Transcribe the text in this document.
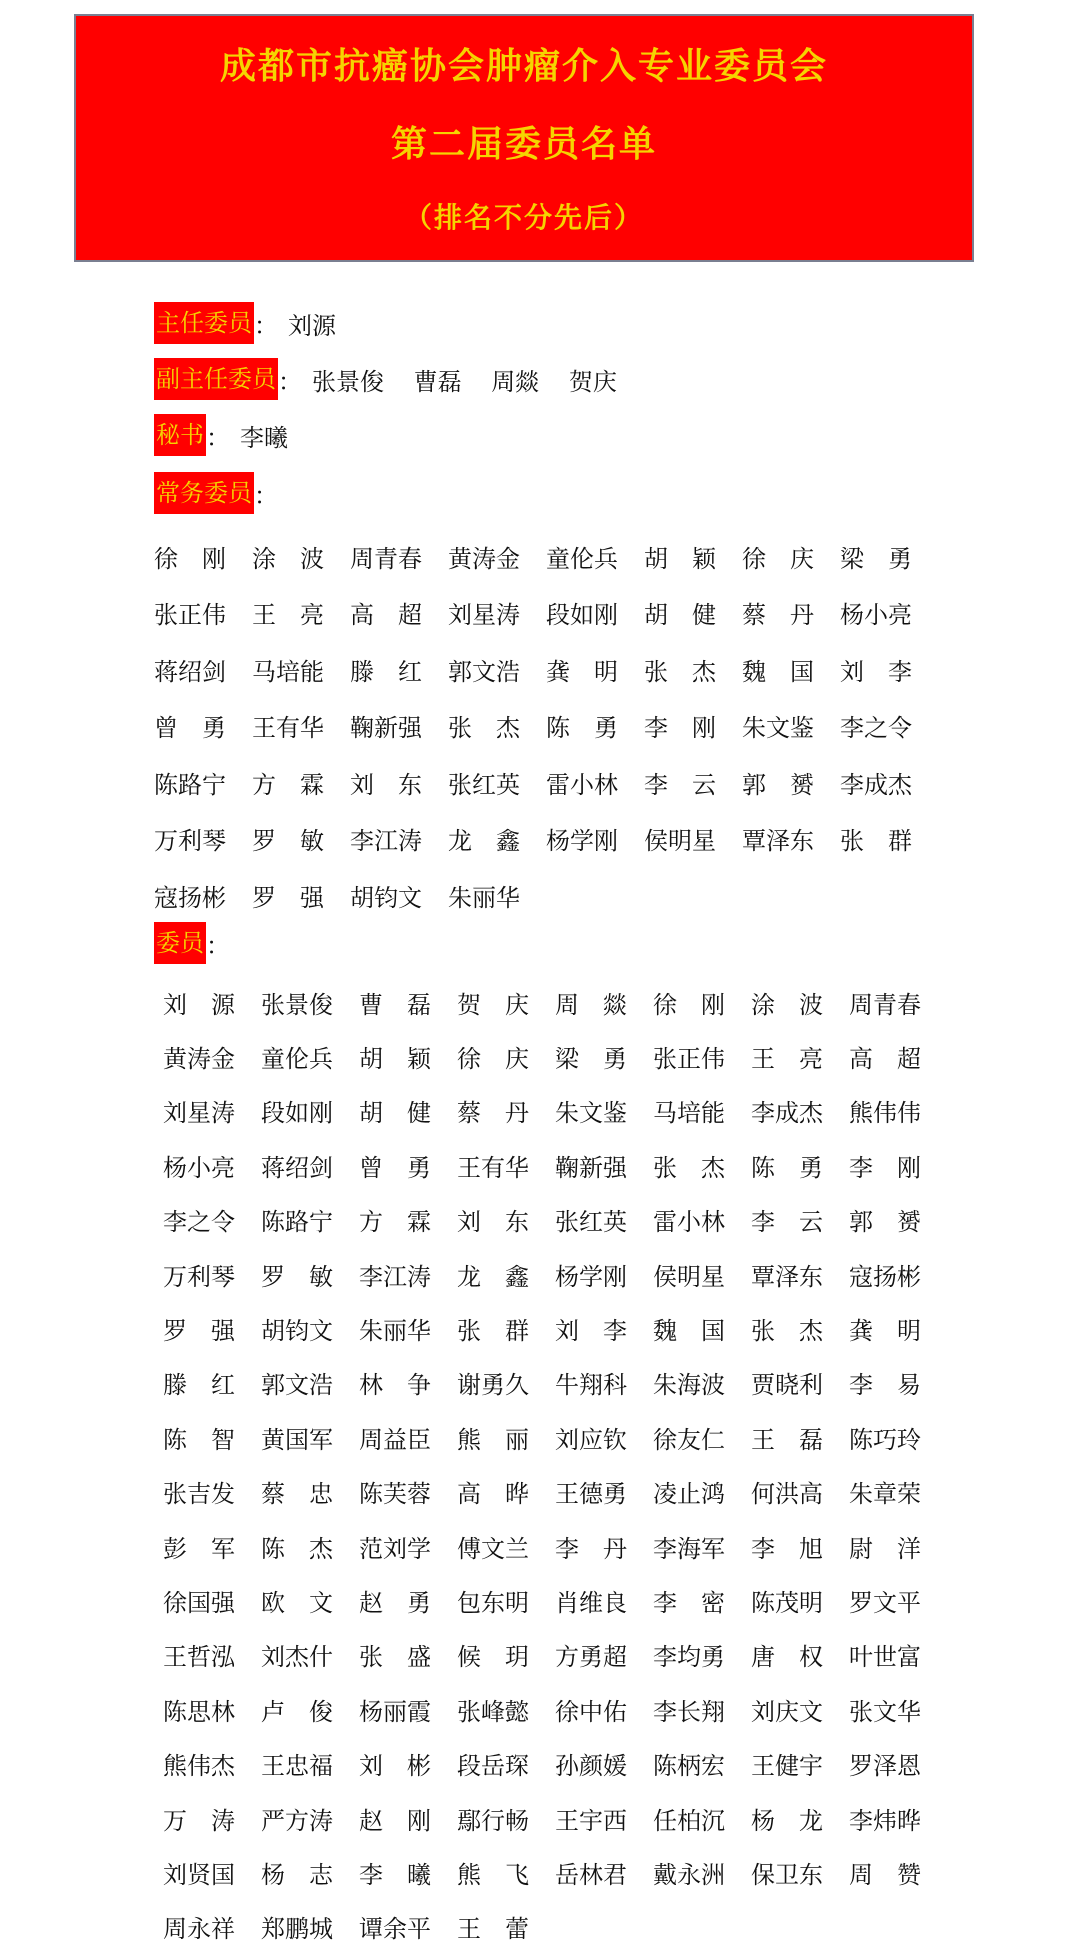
成都市抗癌协会肿瘤介入专业委员会
第二届委员名单
（排名不分先后）
主任委员 ： 刘源
副主任委员 ： 张景俊 曹磊 周燚 贺庆
秘书 ： 李曦
常务委员 ：
徐 刚 涂 波 周青春 黄涛金 童伦兵 胡 颖 徐 庆 梁 勇
张正伟 王 亮 高 超 刘星涛 段如刚 胡 健 蔡 丹 杨小亮
蒋绍剑 马培能 滕 红 郭文浩 龚 明 张 杰 魏 国 刘 李
曾 勇 王有华 鞠新强 张 杰 陈 勇 李 刚 朱文鉴 李之令
陈路宁 方 霖 刘 东 张红英 雷小林 李 云 郭 赟 李成杰
万利琴 罗 敏 李江涛 龙 鑫 杨学刚 侯明星 覃泽东 张 群
寇扬彬 罗 强 胡钧文 朱丽华
委员 ：
刘 源 张景俊 曹 磊 贺 庆 周 燚 徐 刚 涂 波 周青春
黄涛金 童伦兵 胡 颖 徐 庆 梁 勇 张正伟 王 亮 高 超
刘星涛 段如刚 胡 健 蔡 丹 朱文鉴 马培能 李成杰 熊伟伟
杨小亮 蒋绍剑 曾 勇 王有华 鞠新强 张 杰 陈 勇 李 刚
李之令 陈路宁 方 霖 刘 东 张红英 雷小林 李 云 郭 赟
万利琴 罗 敏 李江涛 龙 鑫 杨学刚 侯明星 覃泽东 寇扬彬
罗 强 胡钧文 朱丽华 张 群 刘 李 魏 国 张 杰 龚 明
滕 红 郭文浩 林 争 谢勇久 牛翔科 朱海波 贾晓利 李 易
陈 智 黄国军 周益臣 熊 丽 刘应钦 徐友仁 王 磊 陈巧玲
张吉发 蔡 忠 陈芙蓉 高 晔 王德勇 凌止鸿 何洪高 朱章荣
彭 军 陈 杰 范刘学 傅文兰 李 丹 李海军 李 旭 尉 洋
徐国强 欧 文 赵 勇 包东明 肖维良 李 密 陈茂明 罗文平
王哲泓 刘杰什 张 盛 候 玥 方勇超 李均勇 唐 权 叶世富
陈思林 卢 俊 杨丽霞 张峰懿 徐中佑 李长翔 刘庆文 张文华
熊伟杰 王忠福 刘 彬 段岳琛 孙颜媛 陈柄宏 王健宇 罗泽恩
万 涛 严方涛 赵 刚 鄢行畅 王宇西 任柏沉 杨 龙 李炜晔
刘贤国 杨 志 李 曦 熊 飞 岳林君 戴永洲 保卫东 周 赞
周永祥 郑鹏城 谭余平 王 蕾
